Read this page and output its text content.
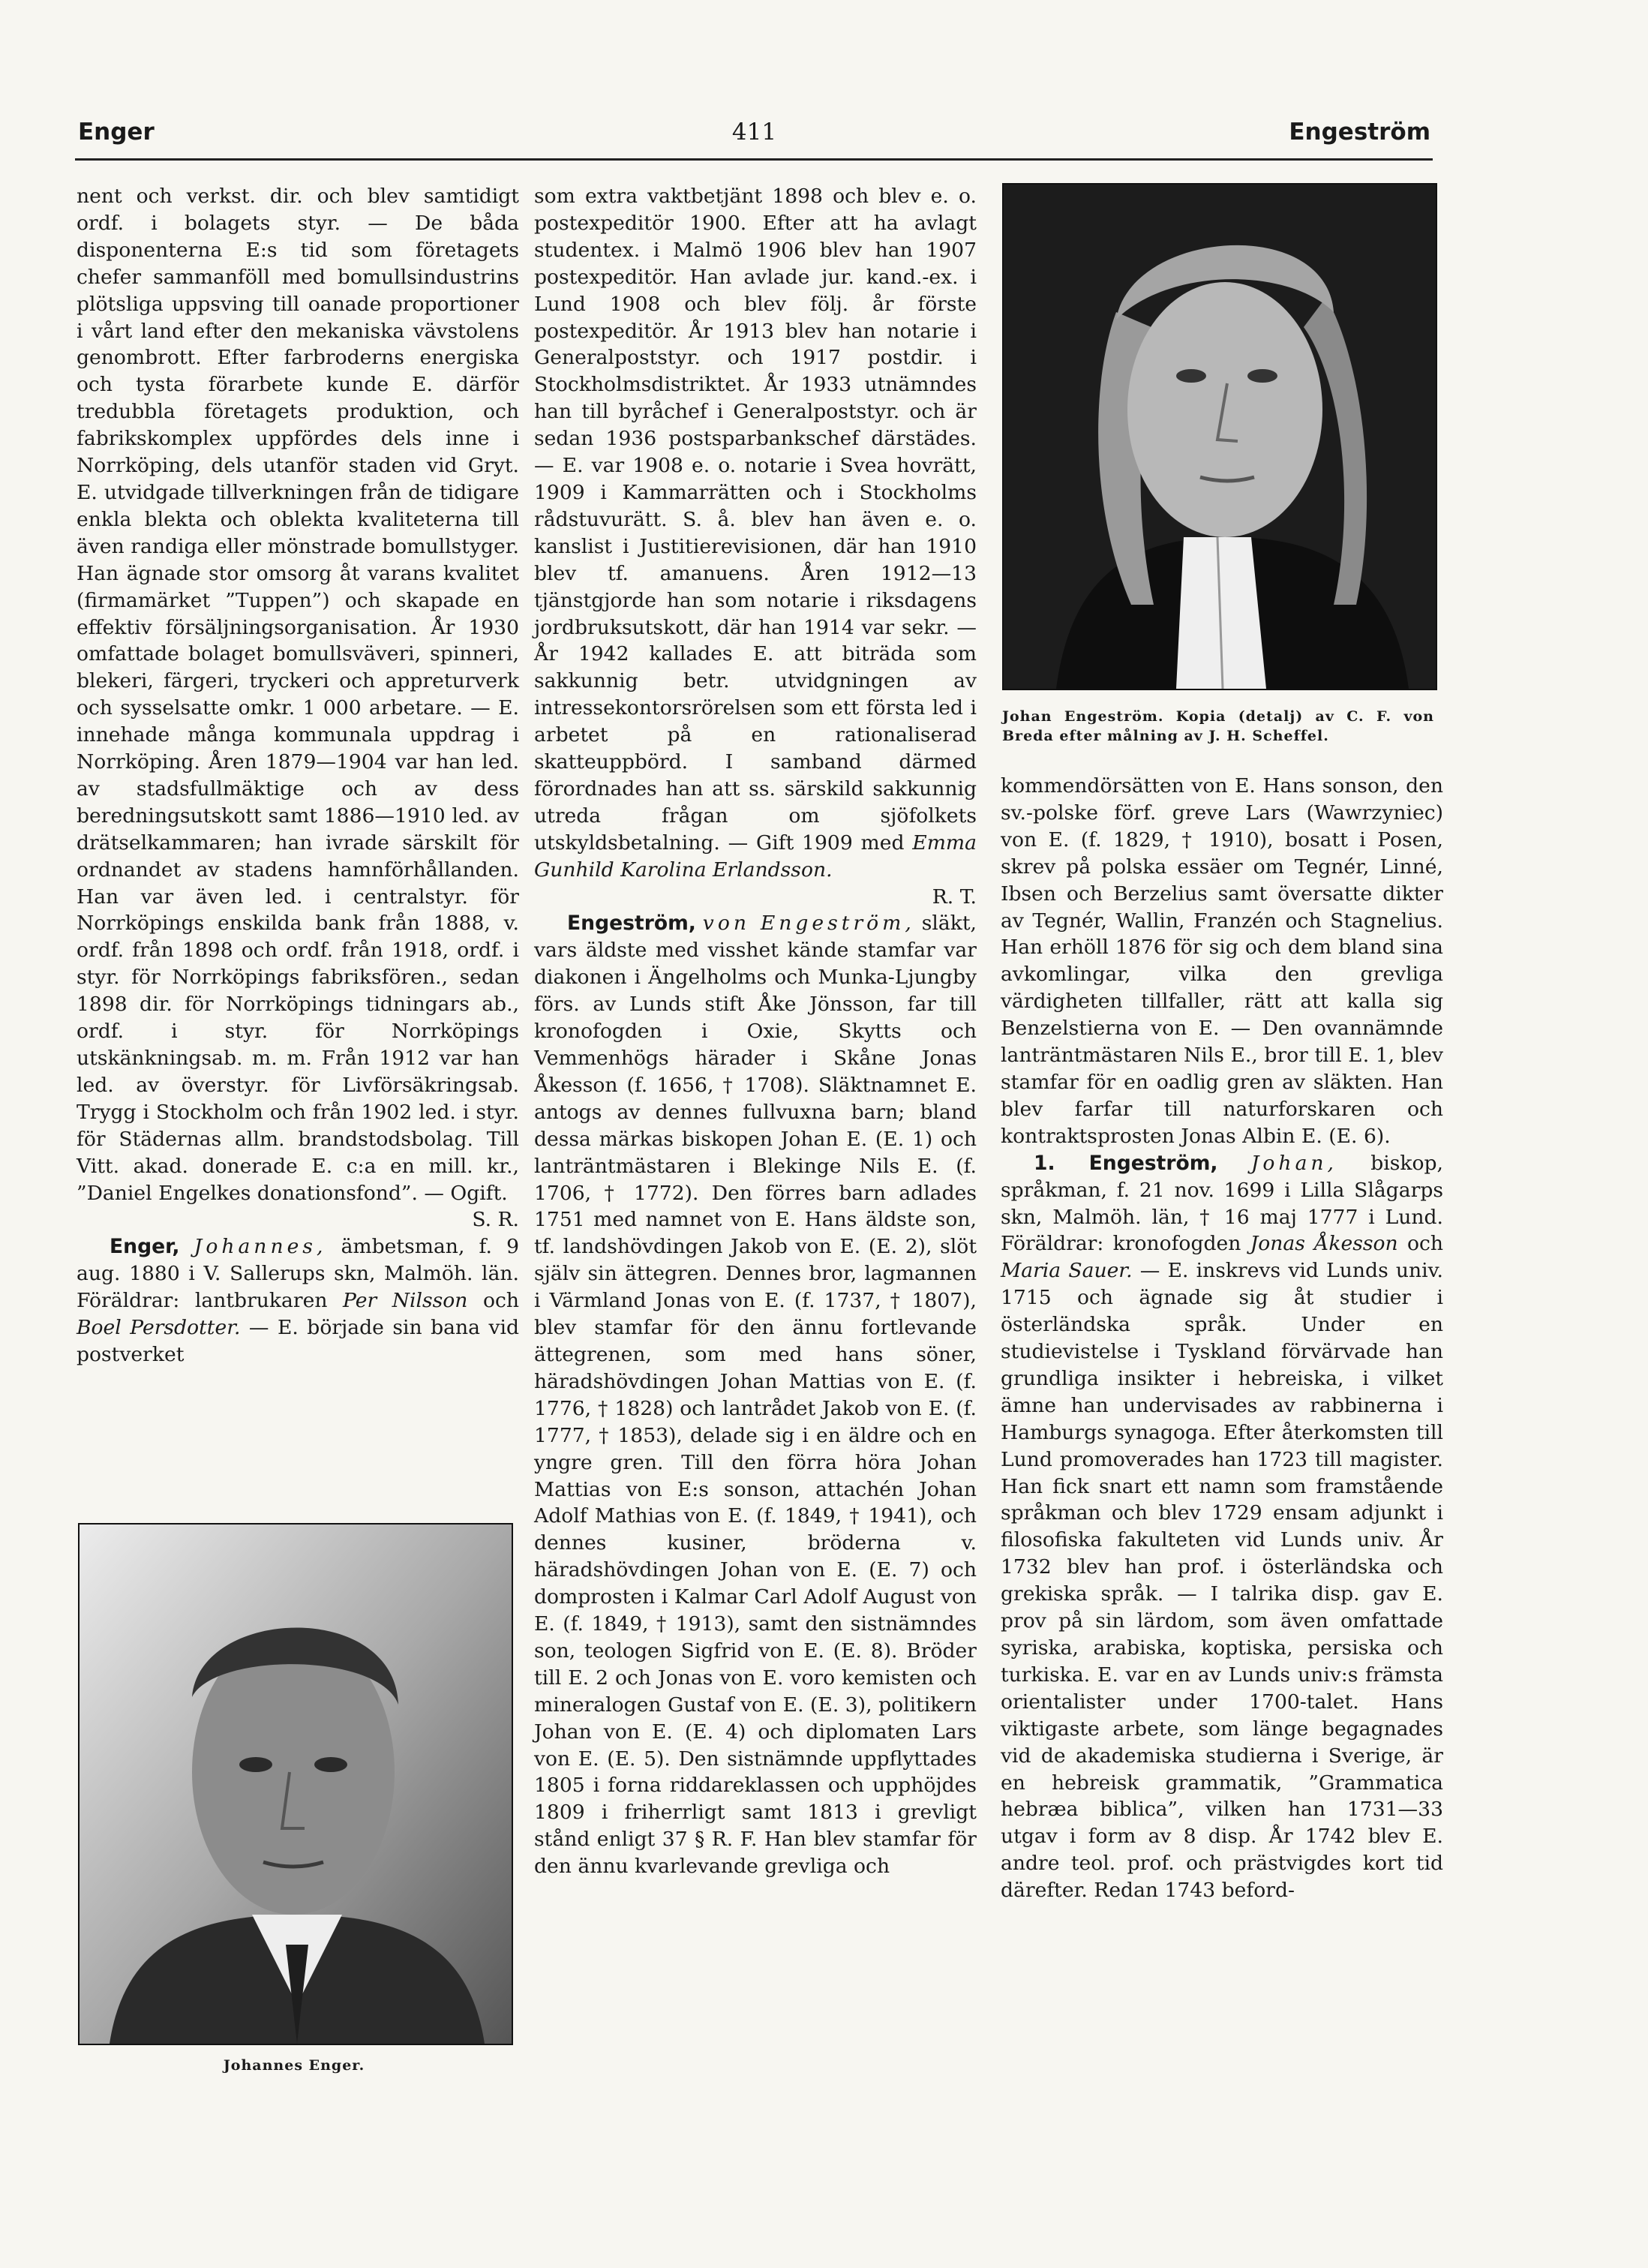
Enger	411	Engeström

nent och verkst. dir. och blev samtidigt ordf. i bolagets styr. — De båda disponenterna E:s tid som företagets chefer sammanföll med bomullsindustrins plötsliga uppsving till oanade proportioner i vårt land efter den mekaniska vävstolens genombrott. Efter farbroderns energiska och tysta förarbete kunde E. därför tredubbla företagets produktion, och fabrikskomplex uppfördes dels inne i Norrköping, dels utanför staden vid Gryt. E. utvidgade tillverkningen från de tidigare enkla blekta och oblekta kvaliteterna till även randiga eller mönstrade bomullstyger. Han ägnade stor omsorg åt varans kvalitet (firmamärket ”Tuppen”) och skapade en effektiv försäljningsorganisation. År 1930 omfattade bolaget bomullsväveri, spinneri, blekeri, färgeri, tryckeri och appreturverk och sysselsatte omkr. 1 000 arbetare. — E. innehade många kommunala uppdrag i Norrköping. Åren 1879—1904 var han led. av stadsfullmäktige och av dess beredningsutskott samt 1886—1910 led. av drätselkammaren; han ivrade särskilt för ordnandet av stadens hamnförhållanden. Han var även led. i centralstyr. för Norrköpings enskilda bank från 1888, v. ordf. från 1898 och ordf. från 1918, ordf. i styr. för Norrköpings fabriksfören., sedan 1898 dir. för Norrköpings tidningars ab., ordf. i styr. för Norrköpings utskänkningsab. m. m. Från 1912 var han led. av överstyr. för Livförsäkringsab. Trygg i Stockholm och från 1902 led. i styr. för Städernas allm. brandstodsbolag. Till Vitt. akad. donerade E. c:a en mill. kr., ”Daniel Engelkes donationsfond”. — Ogift.
S. R.

Enger, Johannes, ämbetsman, f. 9 aug. 1880 i V. Sallerups skn, Malmöh. län. Föräldrar: lantbrukaren Per Nilsson och Boel Persdotter. — E. började sin bana vid postverket

Johannes Enger.

som extra vaktbetjänt 1898 och blev e. o. postexpeditör 1900. Efter att ha avlagt studentex. i Malmö 1906 blev han 1907 postexpeditör. Han avlade jur. kand.-ex. i Lund 1908 och blev följ. år förste postexpeditör. År 1913 blev han notarie i Generalpoststyr. och 1917 postdir. i Stockholmsdistriktet. År 1933 utnämndes han till byråchef i Generalpoststyr. och är sedan 1936 postsparbankschef därstädes. — E. var 1908 e. o. notarie i Svea hovrätt, 1909 i Kammarrätten och i Stockholms rådstuvurätt. S. å. blev han även e. o. kanslist i Justitierevisionen, där han 1910 blev tf. amanuens. Åren 1912—13 tjänstgjorde han som notarie i riksdagens jordbruksutskott, där han 1914 var sekr. — År 1942 kallades E. att biträda som sakkunnig betr. utvidgningen av intressekontorsrörelsen som ett första led i arbetet på en rationaliserad skatteuppbörd. I samband därmed förordnades han att ss. särskild sakkunnig utreda frågan om sjöfolkets utskyldsbetalning. — Gift 1909 med Emma Gunhild Karolina Erlandsson.
R. T.

Engeström, von Engeström, släkt, vars äldste med visshet kände stamfar var diakonen i Ängelholms och Munka-Ljungby förs. av Lunds stift Åke Jönsson, far till kronofogden i Oxie, Skytts och Vemmenhögs härader i Skåne Jonas Åkesson (f. 1656, † 1708). Släktnamnet E. antogs av dennes fullvuxna barn; bland dessa märkas biskopen Johan E. (E. 1) och lanträntmästaren i Blekinge Nils E. (f. 1706, † 1772). Den förres barn adlades 1751 med namnet von E. Hans äldste son, tf. landshövdingen Jakob von E. (E. 2), slöt själv sin ättegren. Dennes bror, lagmannen i Värmland Jonas von E. (f. 1737, † 1807), blev stamfar för den ännu fortlevande ättegrenen, som med hans söner, häradshövdingen Johan Mattias von E. (f. 1776, † 1828) och lantrådet Jakob von E. (f. 1777, † 1853), delade sig i en äldre och en yngre gren. Till den förra höra Johan Mattias von E:s sonson, attachén Johan Adolf Mathias von E. (f. 1849, † 1941), och dennes kusiner, bröderna v. häradshövdingen Johan von E. (E. 7) och domprosten i Kalmar Carl Adolf August von E. (f. 1849, † 1913), samt den sistnämndes son, teologen Sigfrid von E. (E. 8). Bröder till E. 2 och Jonas von E. voro kemisten och mineralogen Gustaf von E. (E. 3), politikern Johan von E. (E. 4) och diplomaten Lars von E. (E. 5). Den sistnämnde uppflyttades 1805 i forna riddareklassen och upphöjdes 1809 i friherrligt samt 1813 i grevligt stånd enligt 37 § R. F. Han blev stamfar för den ännu kvarlevande grevliga och

Johan Engeström. Kopia (detalj) av C. F. von Breda efter målning av J. H. Scheffel.

kommendörsätten von E. Hans sonson, den sv.-polske förf. greve Lars (Wawrzyniec) von E. (f. 1829, † 1910), bosatt i Posen, skrev på polska essäer om Tegnér, Linné, Ibsen och Berzelius samt översatte dikter av Tegnér, Wallin, Franzén och Stagnelius. Han erhöll 1876 för sig och dem bland sina avkomlingar, vilka den grevliga värdigheten tillfaller, rätt att kalla sig Benzelstierna von E. — Den ovannämnde lanträntmästaren Nils E., bror till E. 1, blev stamfar för en oadlig gren av släkten. Han blev farfar till naturforskaren och kontraktsprosten Jonas Albin E. (E. 6).

1. Engeström, Johan, biskop, språkman, f. 21 nov. 1699 i Lilla Slågarps skn, Malmöh. län, † 16 maj 1777 i Lund. Föräldrar: kronofogden Jonas Åkesson och Maria Sauer. — E. inskrevs vid Lunds univ. 1715 och ägnade sig åt studier i österländska språk. Under en studievistelse i Tyskland förvärvade han grundliga insikter i hebreiska, i vilket ämne han undervisades av rabbinerna i Hamburgs synagoga. Efter återkomsten till Lund promoverades han 1723 till magister. Han fick snart ett namn som framstående språkman och blev 1729 ensam adjunkt i filosofiska fakulteten vid Lunds univ. År 1732 blev han prof. i österländska och grekiska språk. — I talrika disp. gav E. prov på sin lärdom, som även omfattade syriska, arabiska, koptiska, persiska och turkiska. E. var en av Lunds univ:s främsta orientalister under 1700-talet. Hans viktigaste arbete, som länge begagnades vid de akademiska studierna i Sverige, är en hebreisk grammatik, ”Grammatica hebræa biblica”, vilken han 1731—33 utgav i form av 8 disp. År 1742 blev E. andre teol. prof. och prästvigdes kort tid därefter. Redan 1743 beford-
